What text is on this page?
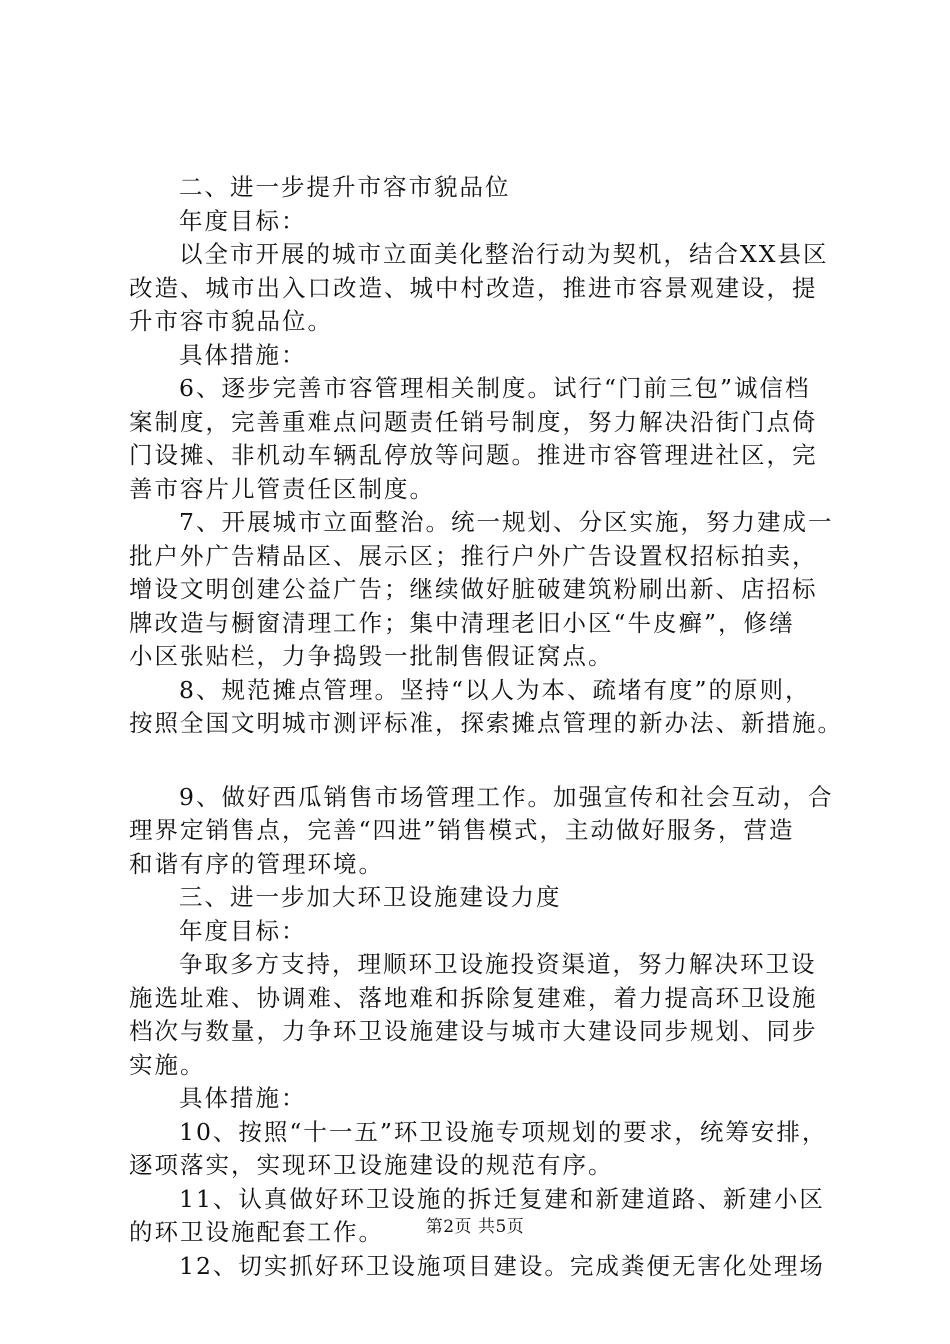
二、进一步提升市容市貌品位
年度目标：
以全市开展的城市立面美化整治行动为契机，结合XX县区
改造、城市出入口改造、城中村改造，推进市容景观建设，提
升市容市貌品位。
具体措施：
6、逐步完善市容管理相关制度。试行“门前三包”诚信档
案制度，完善重难点问题责任销号制度，努力解决沿街门点倚
门设摊、非机动车辆乱停放等问题。推进市容管理进社区，完
善市容片儿管责任区制度。
7、开展城市立面整治。统一规划、分区实施，努力建成一
批户外广告精品区、展示区；推行户外广告设置权招标拍卖，
增设文明创建公益广告；继续做好脏破建筑粉刷出新、店招标
牌改造与橱窗清理工作；集中清理老旧小区“牛皮癣”，修缮
小区张贴栏，力争捣毁一批制售假证窝点。
8、规范摊点管理。坚持“以人为本、疏堵有度”的原则，
按照全国文明城市测评标准，探索摊点管理的新办法、新措施。
9、做好西瓜销售市场管理工作。加强宣传和社会互动，合
理界定销售点，完善“四进”销售模式，主动做好服务，营造
和谐有序的管理环境。
三、进一步加大环卫设施建设力度
年度目标：
争取多方支持，理顺环卫设施投资渠道，努力解决环卫设
施选址难、协调难、落地难和拆除复建难，着力提高环卫设施
档次与数量，力争环卫设施建设与城市大建设同步规划、同步
实施。
具体措施：
10、按照“十一五”环卫设施专项规划的要求，统筹安排，
逐项落实，实现环卫设施建设的规范有序。
11、认真做好环卫设施的拆迁复建和新建道路、新建小区
的环卫设施配套工作。
12、切实抓好环卫设施项目建设。完成粪便无害化处理场
第2页 共5页
